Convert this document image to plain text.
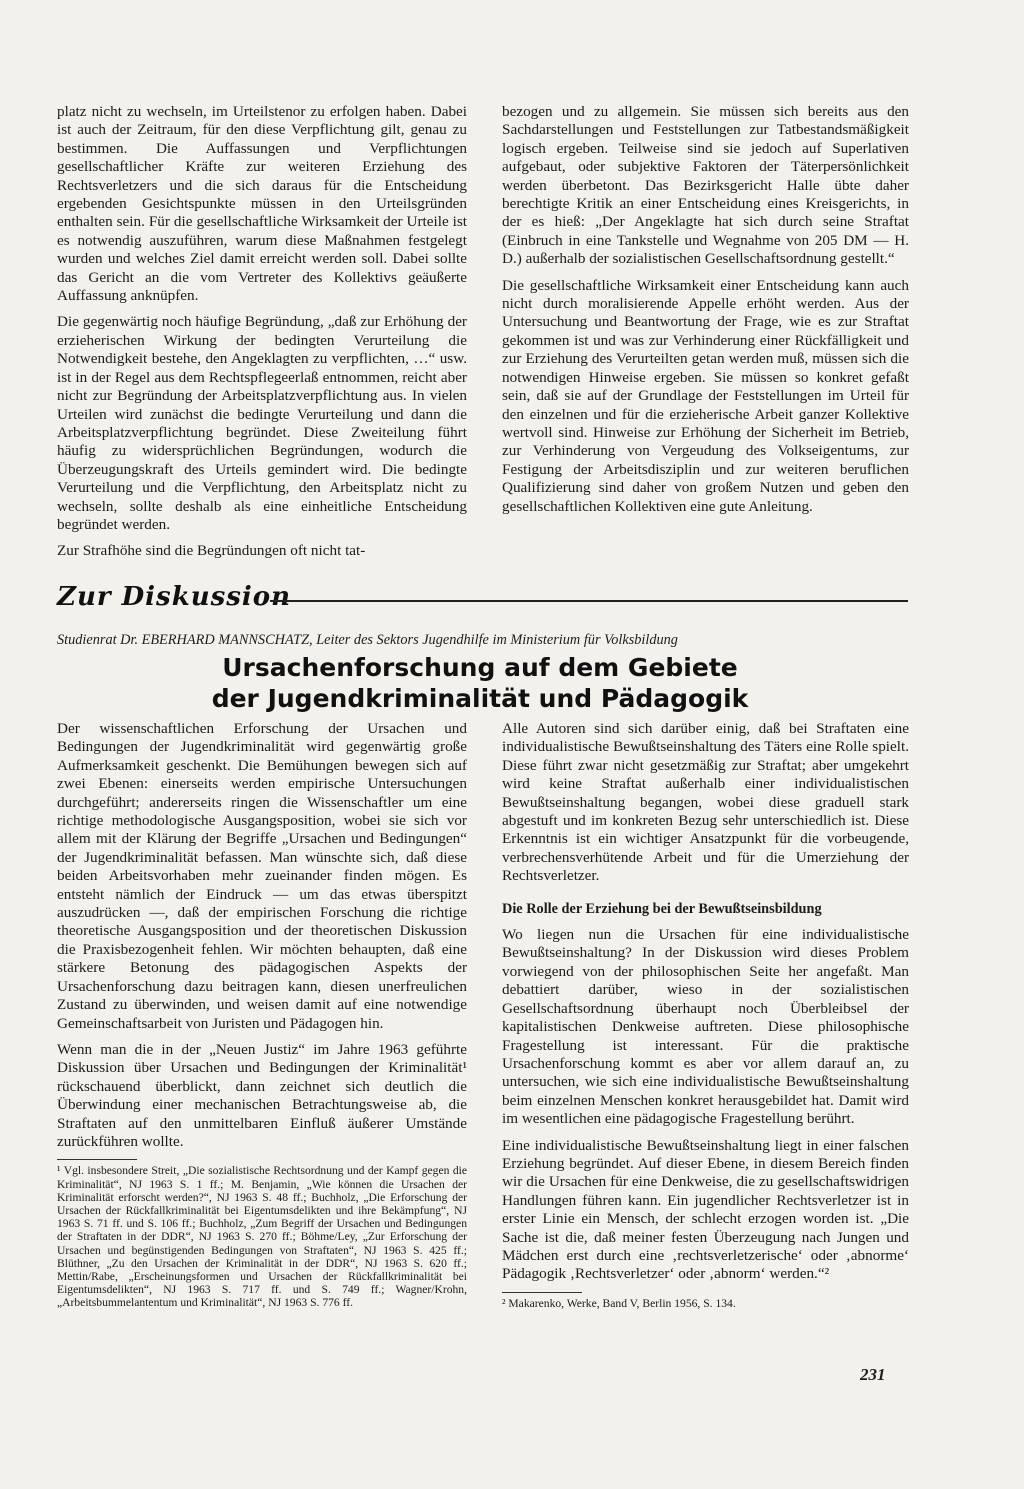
platz nicht zu wechseln, im Urteilstenor zu erfolgen haben. Dabei ist auch der Zeitraum, für den diese Verpflichtung gilt, genau zu bestimmen. Die Auffassungen und Verpflichtungen gesellschaftlicher Kräfte zur weiteren Erziehung des Rechtsverletzers und die sich daraus für die Entscheidung ergebenden Gesichtspunkte müssen in den Urteilsgründen enthalten sein. Für die gesellschaftliche Wirksamkeit der Urteile ist es notwendig auszuführen, warum diese Maßnahmen festgelegt wurden und welches Ziel damit erreicht werden soll. Dabei sollte das Gericht an die vom Vertreter des Kollektivs geäußerte Auffassung anknüpfen.

Die gegenwärtig noch häufige Begründung, „daß zur Erhöhung der erzieherischen Wirkung der bedingten Verurteilung die Notwendigkeit bestehe, den Angeklagten zu verpflichten, …“ usw. ist in der Regel aus dem Rechtspflegeerlaß entnommen, reicht aber nicht zur Begründung der Arbeitsplatzverpflichtung aus. In vielen Urteilen wird zunächst die bedingte Verurteilung und dann die Arbeitsplatzverpflichtung begründet. Diese Zweiteilung führt häufig zu widersprüchlichen Begründungen, wodurch die Überzeugungskraft des Urteils gemindert wird. Die bedingte Verurteilung und die Verpflichtung, den Arbeitsplatz nicht zu wechseln, sollte deshalb als eine einheitliche Entscheidung begründet werden.

Zur Strafhöhe sind die Begründungen oft nicht tat-

bezogen und zu allgemein. Sie müssen sich bereits aus den Sachdarstellungen und Feststellungen zur Tatbestandsmäßigkeit logisch ergeben. Teilweise sind sie jedoch auf Superlativen aufgebaut, oder subjektive Faktoren der Täterpersönlichkeit werden überbetont. Das Bezirksgericht Halle übte daher berechtigte Kritik an einer Entscheidung eines Kreisgerichts, in der es hieß: „Der Angeklagte hat sich durch seine Straftat (Einbruch in eine Tankstelle und Wegnahme von 205 DM — H. D.) außerhalb der sozialistischen Gesellschaftsordnung gestellt.“

Die gesellschaftliche Wirksamkeit einer Entscheidung kann auch nicht durch moralisierende Appelle erhöht werden. Aus der Untersuchung und Beantwortung der Frage, wie es zur Straftat gekommen ist und was zur Verhinderung einer Rückfälligkeit und zur Erziehung des Verurteilten getan werden muß, müssen sich die notwendigen Hinweise ergeben. Sie müssen so konkret gefaßt sein, daß sie auf der Grundlage der Feststellungen im Urteil für den einzelnen und für die erzieherische Arbeit ganzer Kollektive wertvoll sind. Hinweise zur Erhöhung der Sicherheit im Betrieb, zur Verhinderung von Vergeudung des Volkseigentums, zur Festigung der Arbeitsdisziplin und zur weiteren beruflichen Qualifizierung sind daher von großem Nutzen und geben den gesellschaftlichen Kollektiven eine gute Anleitung.

Zur Diskussion
Studienrat Dr. EBERHARD MANNSCHATZ, Leiter des Sektors Jugendhilfe im Ministerium für Volksbildung
Ursachenforschung auf dem Gebiete
der Jugendkriminalität und Pädagogik

Der wissenschaftlichen Erforschung der Ursachen und Bedingungen der Jugendkriminalität wird gegenwärtig große Aufmerksamkeit geschenkt. Die Bemühungen bewegen sich auf zwei Ebenen: einerseits werden empirische Untersuchungen durchgeführt; andererseits ringen die Wissenschaftler um eine richtige methodologische Ausgangsposition, wobei sie sich vor allem mit der Klärung der Begriffe „Ursachen und Bedingungen“ der Jugendkriminalität befassen. Man wünschte sich, daß diese beiden Arbeitsvorhaben mehr zueinander finden mögen. Es entsteht nämlich der Eindruck — um das etwas überspitzt auszudrücken —, daß der empirischen Forschung die richtige theoretische Ausgangsposition und der theoretischen Diskussion die Praxisbezogenheit fehlen. Wir möchten behaupten, daß eine stärkere Betonung des pädagogischen Aspekts der Ursachenforschung dazu beitragen kann, diesen unerfreulichen Zustand zu überwinden, und weisen damit auf eine notwendige Gemeinschaftsarbeit von Juristen und Pädagogen hin.

Wenn man die in der „Neuen Justiz“ im Jahre 1963 geführte Diskussion über Ursachen und Bedingungen der Kriminalität¹ rückschauend überblickt, dann zeichnet sich deutlich die Überwindung einer mechanischen Betrachtungsweise ab, die Straftaten auf den unmittelbaren Einfluß äußerer Umstände zurückführen wollte.

¹ Vgl. insbesondere Streit, „Die sozialistische Rechtsordnung und der Kampf gegen die Kriminalität“, NJ 1963 S. 1 ff.; M. Benjamin, „Wie können die Ursachen der Kriminalität erforscht werden?“, NJ 1963 S. 48 ff.; Buchholz, „Die Erforschung der Ursachen der Rückfallkriminalität bei Eigentumsdelikten und ihre Bekämpfung“, NJ 1963 S. 71 ff. und S. 106 ff.; Buchholz, „Zum Begriff der Ursachen und Bedingungen der Straftaten in der DDR“, NJ 1963 S. 270 ff.; Böhme/Ley, „Zur Erforschung der Ursachen und begünstigenden Bedingungen von Straftaten“, NJ 1963 S. 425 ff.; Blüthner, „Zu den Ursachen der Kriminalität in der DDR“, NJ 1963 S. 620 ff.; Mettin/Rabe, „Erscheinungsformen und Ursachen der Rückfallkriminalität bei Eigentumsdelikten“, NJ 1963 S. 717 ff. und S. 749 ff.; Wagner/Krohn, „Arbeitsbummelantentum und Kriminalität“, NJ 1963 S. 776 ff.

Alle Autoren sind sich darüber einig, daß bei Straftaten eine individualistische Bewußtseinshaltung des Täters eine Rolle spielt. Diese führt zwar nicht gesetzmäßig zur Straftat; aber umgekehrt wird keine Straftat außerhalb einer individualistischen Bewußtseinshaltung begangen, wobei diese graduell stark abgestuft und im konkreten Bezug sehr unterschiedlich ist. Diese Erkenntnis ist ein wichtiger Ansatzpunkt für die vorbeugende, verbrechensverhütende Arbeit und für die Umerziehung der Rechtsverletzer.

Die Rolle der Erziehung bei der Bewußtseinsbildung

Wo liegen nun die Ursachen für eine individualistische Bewußtseinshaltung? In der Diskussion wird dieses Problem vorwiegend von der philosophischen Seite her angefaßt. Man debattiert darüber, wieso in der sozialistischen Gesellschaftsordnung überhaupt noch Überbleibsel der kapitalistischen Denkweise auftreten. Diese philosophische Fragestellung ist interessant. Für die praktische Ursachenforschung kommt es aber vor allem darauf an, zu untersuchen, wie sich eine individualistische Bewußtseinshaltung beim einzelnen Menschen konkret herausgebildet hat. Damit wird im wesentlichen eine pädagogische Fragestellung berührt.

Eine individualistische Bewußtseinshaltung liegt in einer falschen Erziehung begründet. Auf dieser Ebene, in diesem Bereich finden wir die Ursachen für eine Denkweise, die zu gesellschaftswidrigen Handlungen führen kann. Ein jugendlicher Rechtsverletzer ist in erster Linie ein Mensch, der schlecht erzogen worden ist. „Die Sache ist die, daß meiner festen Überzeugung nach Jungen und Mädchen erst durch eine ‚rechtsverletzerische‘ oder ‚abnorme‘ Pädagogik ‚Rechtsverletzer‘ oder ‚abnorm‘ werden.“²

² Makarenko, Werke, Band V, Berlin 1956, S. 134.

231
